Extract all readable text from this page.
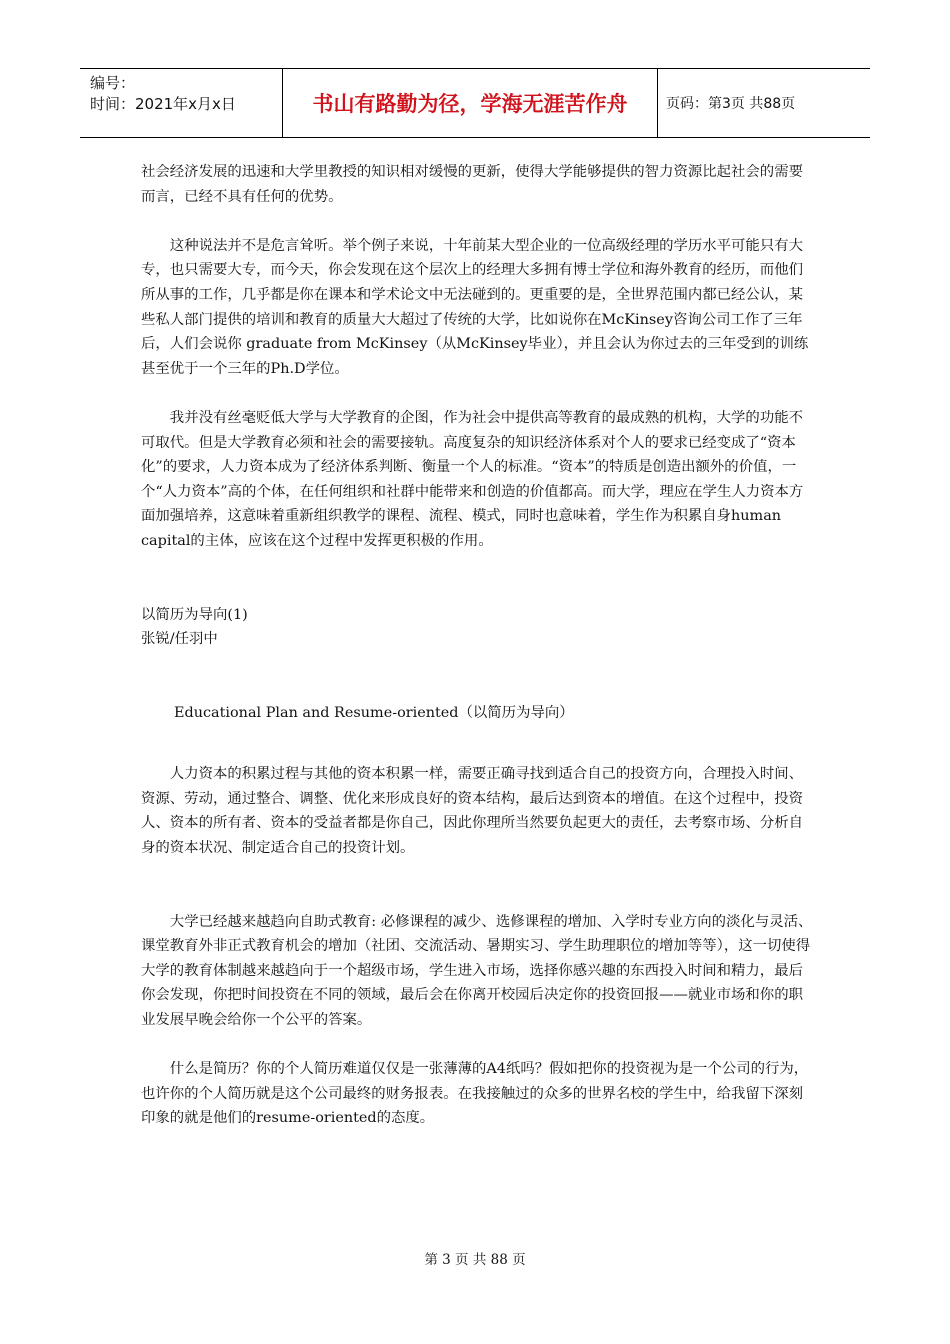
编号：
时间：2021年x月x日	书山有路勤为径，学海无涯苦作舟	页码：第3页 共88页

社会经济发展的迅速和大学里教授的知识相对缓慢的更新，使得大学能够提供的智力资源比起社会的需要而言，已经不具有任何的优势。

这种说法并不是危言耸听。举个例子来说，十年前某大型企业的一位高级经理的学历水平可能只有大专，也只需要大专，而今天，你会发现在这个层次上的经理大多拥有博士学位和海外教育的经历，而他们所从事的工作，几乎都是你在课本和学术论文中无法碰到的。更重要的是，全世界范围内都已经公认，某些私人部门提供的培训和教育的质量大大超过了传统的大学，比如说你在McKinsey咨询公司工作了三年后，人们会说你 graduate from McKinsey（从McKinsey毕业），并且会认为你过去的三年受到的训练甚至优于一个三年的Ph.D学位。

我并没有丝毫贬低大学与大学教育的企图，作为社会中提供高等教育的最成熟的机构，大学的功能不可取代。但是大学教育必须和社会的需要接轨。高度复杂的知识经济体系对个人的要求已经变成了“资本化”的要求，人力资本成为了经济体系判断、衡量一个人的标准。“资本”的特质是创造出额外的价值，一个“人力资本”高的个体，在任何组织和社群中能带来和创造的价值都高。而大学，理应在学生人力资本方面加强培养，这意味着重新组织教学的课程、流程、模式，同时也意味着，学生作为积累自身human capital的主体，应该在这个过程中发挥更积极的作用。

以简历为导向(1)

张锐/任羽中

Educational Plan and Resume-oriented（以简历为导向）

人力资本的积累过程与其他的资本积累一样，需要正确寻找到适合自己的投资方向，合理投入时间、资源、劳动，通过整合、调整、优化来形成良好的资本结构，最后达到资本的增值。在这个过程中，投资人、资本的所有者、资本的受益者都是你自己，因此你理所当然要负起更大的责任，去考察市场、分析自身的资本状况、制定适合自己的投资计划。

大学已经越来越趋向自助式教育: 必修课程的减少、选修课程的增加、入学时专业方向的淡化与灵活、课堂教育外非正式教育机会的增加（社团、交流活动、暑期实习、学生助理职位的增加等等），这一切使得大学的教育体制越来越趋向于一个超级市场，学生进入市场，选择你感兴趣的东西投入时间和精力，最后你会发现，你把时间投资在不同的领域，最后会在你离开校园后决定你的投资回报——就业市场和你的职业发展早晚会给你一个公平的答案。

什么是简历？你的个人简历难道仅仅是一张薄薄的A4纸吗？假如把你的投资视为是一个公司的行为，也许你的个人简历就是这个公司最终的财务报表。在我接触过的众多的世界名校的学生中，给我留下深刻印象的就是他们的resume-oriented的态度。

第 3 页 共 88 页
